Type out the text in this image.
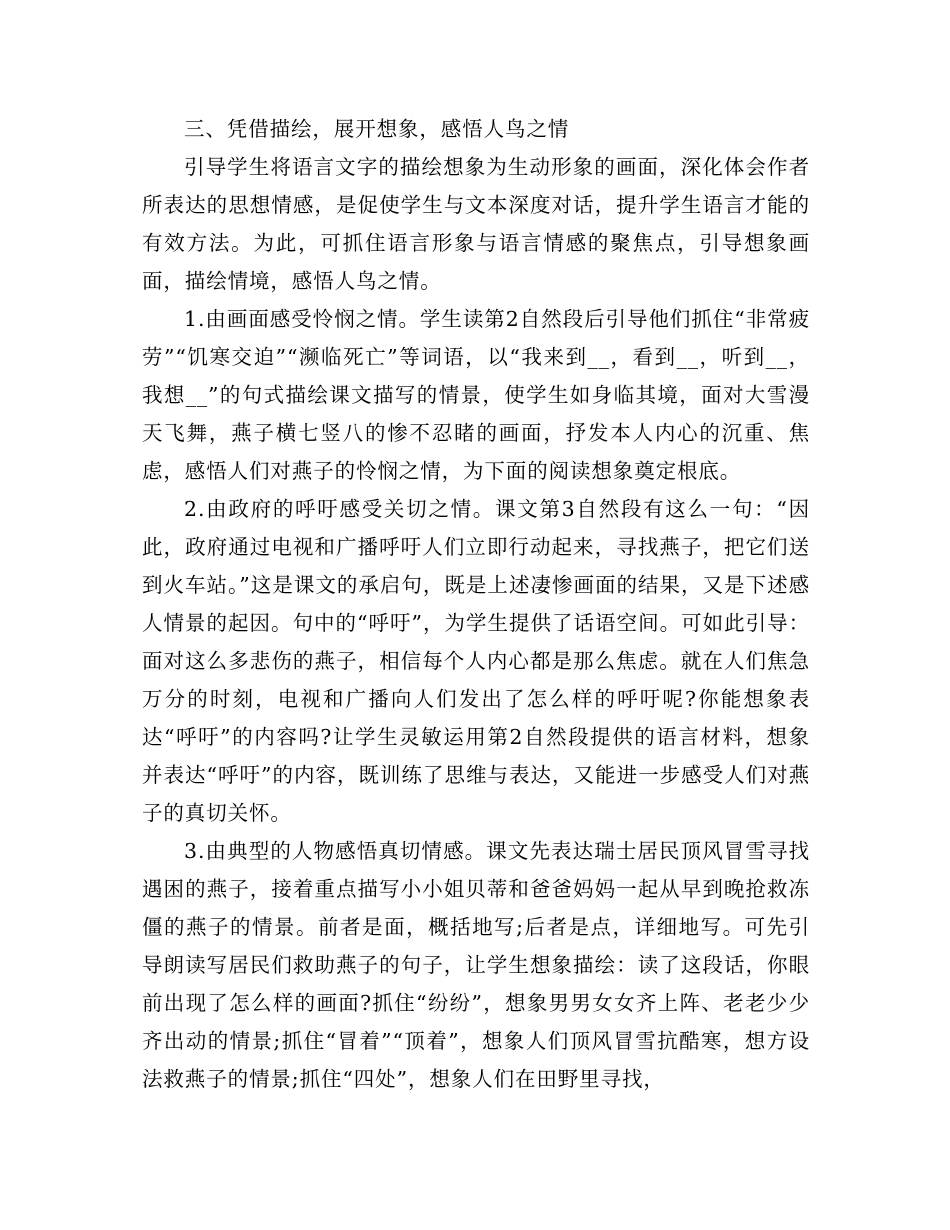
三、凭借描绘，展开想象，感悟人鸟之情

引导学生将语言文字的描绘想象为生动形象的画面，深化体会作者所表达的思想情感，是促使学生与文本深度对话，提升学生语言才能的有效方法。为此，可抓住语言形象与语言情感的聚焦点，引导想象画面，描绘情境，感悟人鸟之情。

1.由画面感受怜悯之情。学生读第2自然段后引导他们抓住“非常疲劳”“饥寒交迫”“濒临死亡”等词语，以“我来到__，看到__，听到__，我想__”的句式描绘课文描写的情景，使学生如身临其境，面对大雪漫天飞舞，燕子横七竖八的惨不忍睹的画面，抒发本人内心的沉重、焦虑，感悟人们对燕子的怜悯之情，为下面的阅读想象奠定根底。

2.由政府的呼吁感受关切之情。课文第3自然段有这么一句：“因此，政府通过电视和广播呼吁人们立即行动起来，寻找燕子，把它们送到火车站。”这是课文的承启句，既是上述凄惨画面的结果，又是下述感人情景的起因。句中的“呼吁”，为学生提供了话语空间。可如此引导：面对这么多悲伤的燕子，相信每个人内心都是那么焦虑。就在人们焦急万分的时刻，电视和广播向人们发出了怎么样的呼吁呢?你能想象表达“呼吁”的内容吗?让学生灵敏运用第2自然段提供的语言材料，想象并表达“呼吁”的内容，既训练了思维与表达，又能进一步感受人们对燕子的真切关怀。

3.由典型的人物感悟真切情感。课文先表达瑞士居民顶风冒雪寻找遇困的燕子，接着重点描写小小姐贝蒂和爸爸妈妈一起从早到晚抢救冻僵的燕子的情景。前者是面，概括地写;后者是点，详细地写。可先引导朗读写居民们救助燕子的句子，让学生想象描绘：读了这段话，你眼前出现了怎么样的画面?抓住“纷纷”，想象男男女女齐上阵、老老少少齐出动的情景;抓住“冒着”“顶着”，想象人们顶风冒雪抗酷寒，想方设法救燕子的情景;抓住“四处”，想象人们在田野里寻找，
